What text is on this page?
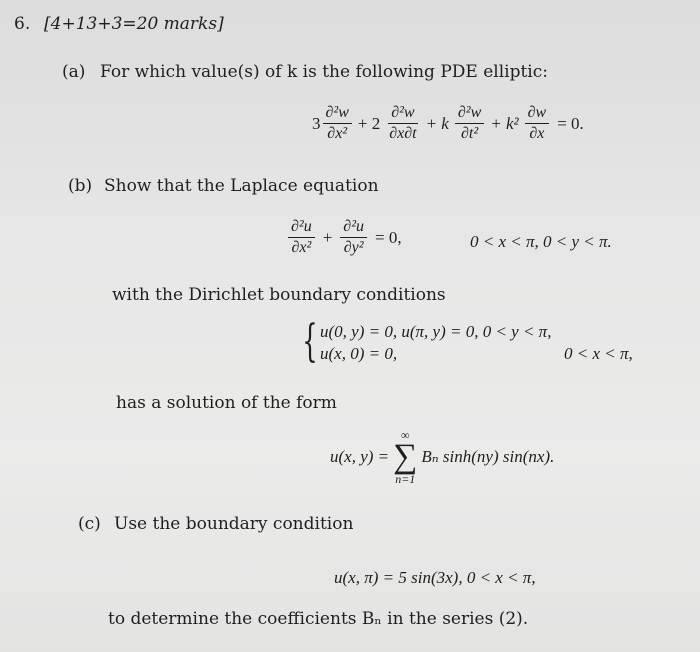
6. [4+13+3=20 marks]
(a) For which value(s) of k is the following PDE elliptic:
$3 \frac{\text{∂²w}}{\text{∂x²}} + 2 \frac{\text{∂²w}}{\partial x\partial t} + k \frac{\text{∂²w}}{\text{∂t²}} + k^2 \frac{\partial w}{\partial x} = 0$.
(b) Show that the Laplace equation
$\frac{\text{∂²u}}{\text{∂x²}} + \frac{\text{∂²u}}{\text{∂y²}} = 0$,	0 < x < π, 0 < y < π.
with the Dirichlet boundary conditions
{ u(0, y) = 0, u(π, y) = 0, 0 < y < π,
u(x, 0) = 0,	0 < x < π,
has a solution of the form
u(x, y) =
∞
∑
n=1
Bₙ sinh(ny) sin(nx).
(c) Use the boundary condition
u(x, π) = 5 sin(3x), 0 < x < π,
to determine the coefficients Bₙ in the series (2).
